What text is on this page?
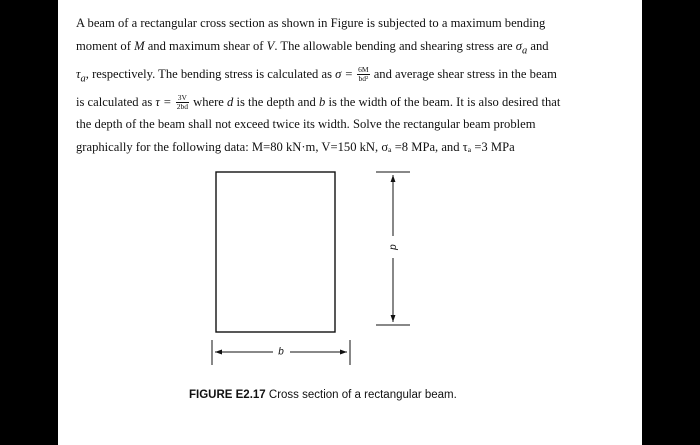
A beam of a rectangular cross section as shown in Figure is subjected to a maximum bending
moment of M and maximum shear of V. The allowable bending and shearing stress are $\sigma_a$ and
$\tau_a$, respectively. The bending stress is calculated as $\sigma = \frac{6M}{\text{bd²}}$ and average shear stress in the beam
is calculated as $\tau = \frac{3V}{2bd}$ where d is the depth and b is the width of the beam. It is also desired that
the depth of the beam shall not exceed twice its width. Solve the rectangular beam problem
graphically for the following data: M=80 kN·m, V=150 kN, σₐ =8 MPa, and τₐ =3 MPa
d
b
FIGURE E2.17 Cross section of a rectangular beam.
